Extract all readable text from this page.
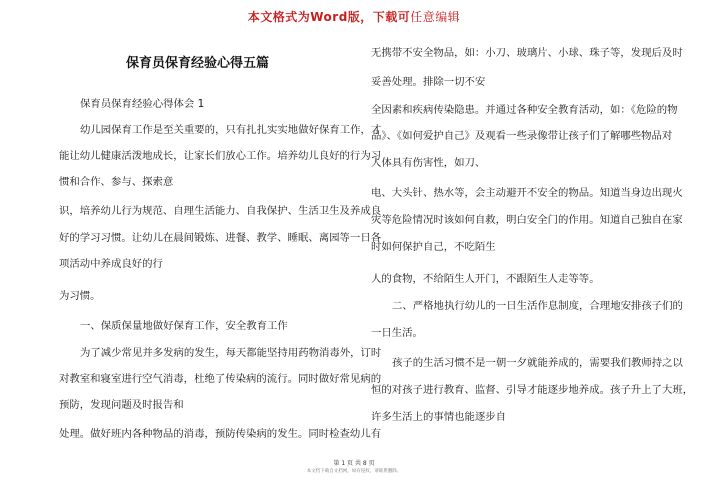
本文格式为Word版，下载可任意编辑
保育员保育经验心得五篇
保育员保育经验心得体会 1
幼儿园保育工作是至关重要的，只有扎扎实实地做好保育工作，才
能让幼儿健康活泼地成长，让家长们放心工作。培养幼儿良好的行为习
惯和合作、参与、探索意
识，培养幼儿行为规范、自理生活能力、自我保护、生活卫生及养成良
好的学习习惯。让幼儿在晨间锻炼、进餐、教学、睡眠、离园等一日各
项活动中养成良好的行
为习惯。
一、保质保量地做好保育工作，安全教育工作
为了减少常见并多发病的发生，每天都能坚持用药物消毒外，订时
对教室和寝室进行空气消毒，杜绝了传染病的流行。同时做好常见病的
预防，发现问题及时报告和
处理。做好班内各种物品的消毒，预防传染病的发生。同时检查幼儿有
无携带不安全物品，如：小刀、玻璃片、小球、珠子等，发现后及时
妥善处理。排除一切不安
全因素和疾病传染隐患。并通过各种安全教育活动，如：《危险的物
品》、《如何爱护自己》及观看一些录像带让孩子们了解哪些物品对
人体具有伤害性，如刀、
电、大头针、热水等，会主动避开不安全的物品。知道当身边出现火
灾等危险情况时该如何自救，明白安全门的作用。知道自己独自在家
时如何保护自己，不吃陌生
人的食物，不给陌生人开门，不跟陌生人走等等。
二、严格地执行幼儿的一日生活作息制度，合理地安排孩子们的
一日生活。
孩子的生活习惯不是一朝一夕就能养成的，需要我们教师持之以
恒的对孩子进行教育、监督、引导才能逐步地养成。孩子升上了大班，
许多生活上的事情也能逐步自
第 1 页 共 8 页
本文档下载自文档网，如有侵权，请联系删除。
